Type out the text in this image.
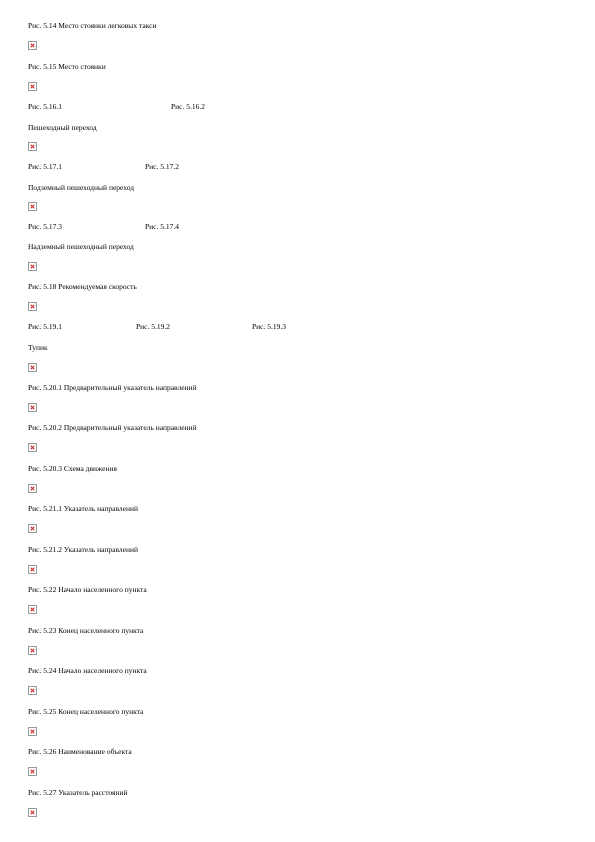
Рис. 5.14 Место стоянки легковых такси
Рис. 5.15 Место стоянки
Рис. 5.16.1	Рис. 5.16.2
Пешеходный переход
Рис. 5.17.1	Рис. 5.17.2
Подземный пешеходный переход
Рис. 5.17.3	Рис. 5.17.4
Надземный пешеходный переход
Рис. 5.18 Рекомендуемая скорость
Рис. 5.19.1	Рис. 5.19.2	Рис. 5.19.3
Тупик
Рис. 5.20.1 Предварительный указатель направлений
Рис. 5.20.2 Предварительный указатель направлений
Рис. 5.20.3 Схема движения
Рис. 5.21.1 Указатель направлений
Рис. 5.21.2 Указатель направлений
Рис. 5.22 Начало населенного пункта
Рис. 5.23 Конец населенного пункта
Рис. 5.24 Начало населенного пункта
Рис. 5.25 Конец населенного пункта
Рис. 5.26 Наименование объекта
Рис. 5.27 Указатель расстояний
